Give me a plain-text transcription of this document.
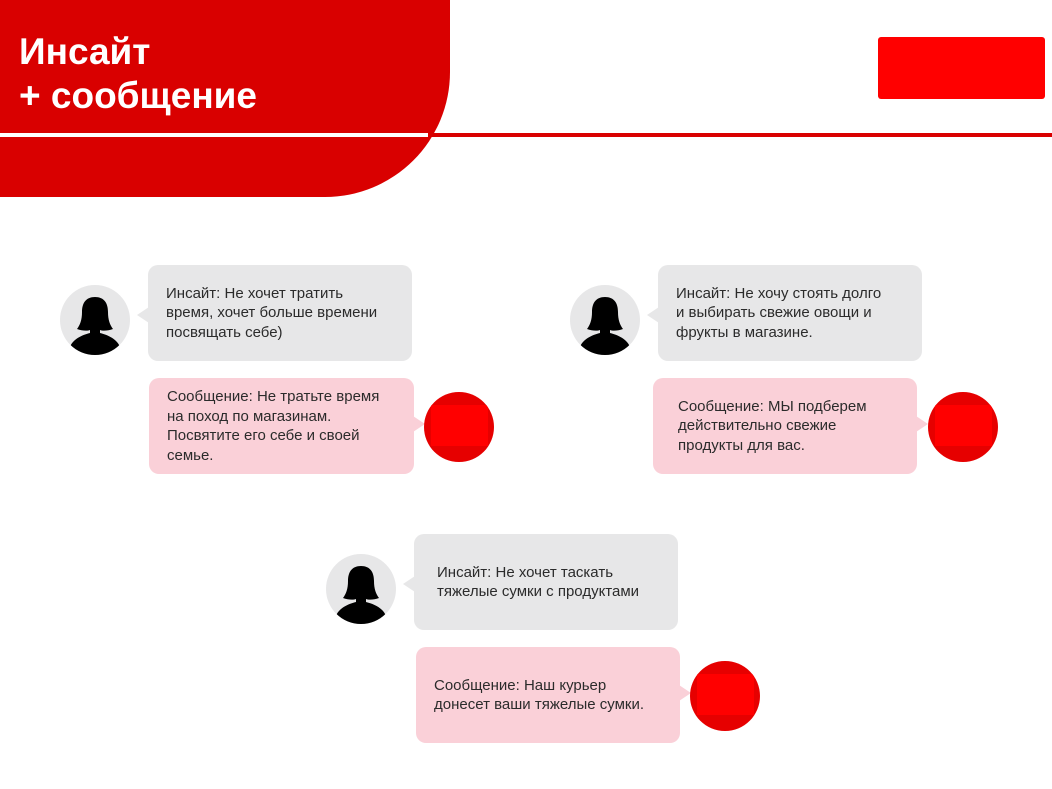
Инсайт
+ сообщение
Инсайт: Не хочет тратить
время, хочет больше времени
посвящать себе)
Сообщение: Не тратьте время
на поход по магазинам.
Посвятите его себе и своей
семье.
Инсайт: Не хочу стоять долго
и выбирать свежие овощи и
фрукты в магазине.
Сообщение: МЫ подберем
действительно свежие
продукты для вас.
Инсайт: Не хочет таскать
тяжелые сумки с продуктами
Сообщение: Наш курьер
донесет ваши тяжелые сумки.
